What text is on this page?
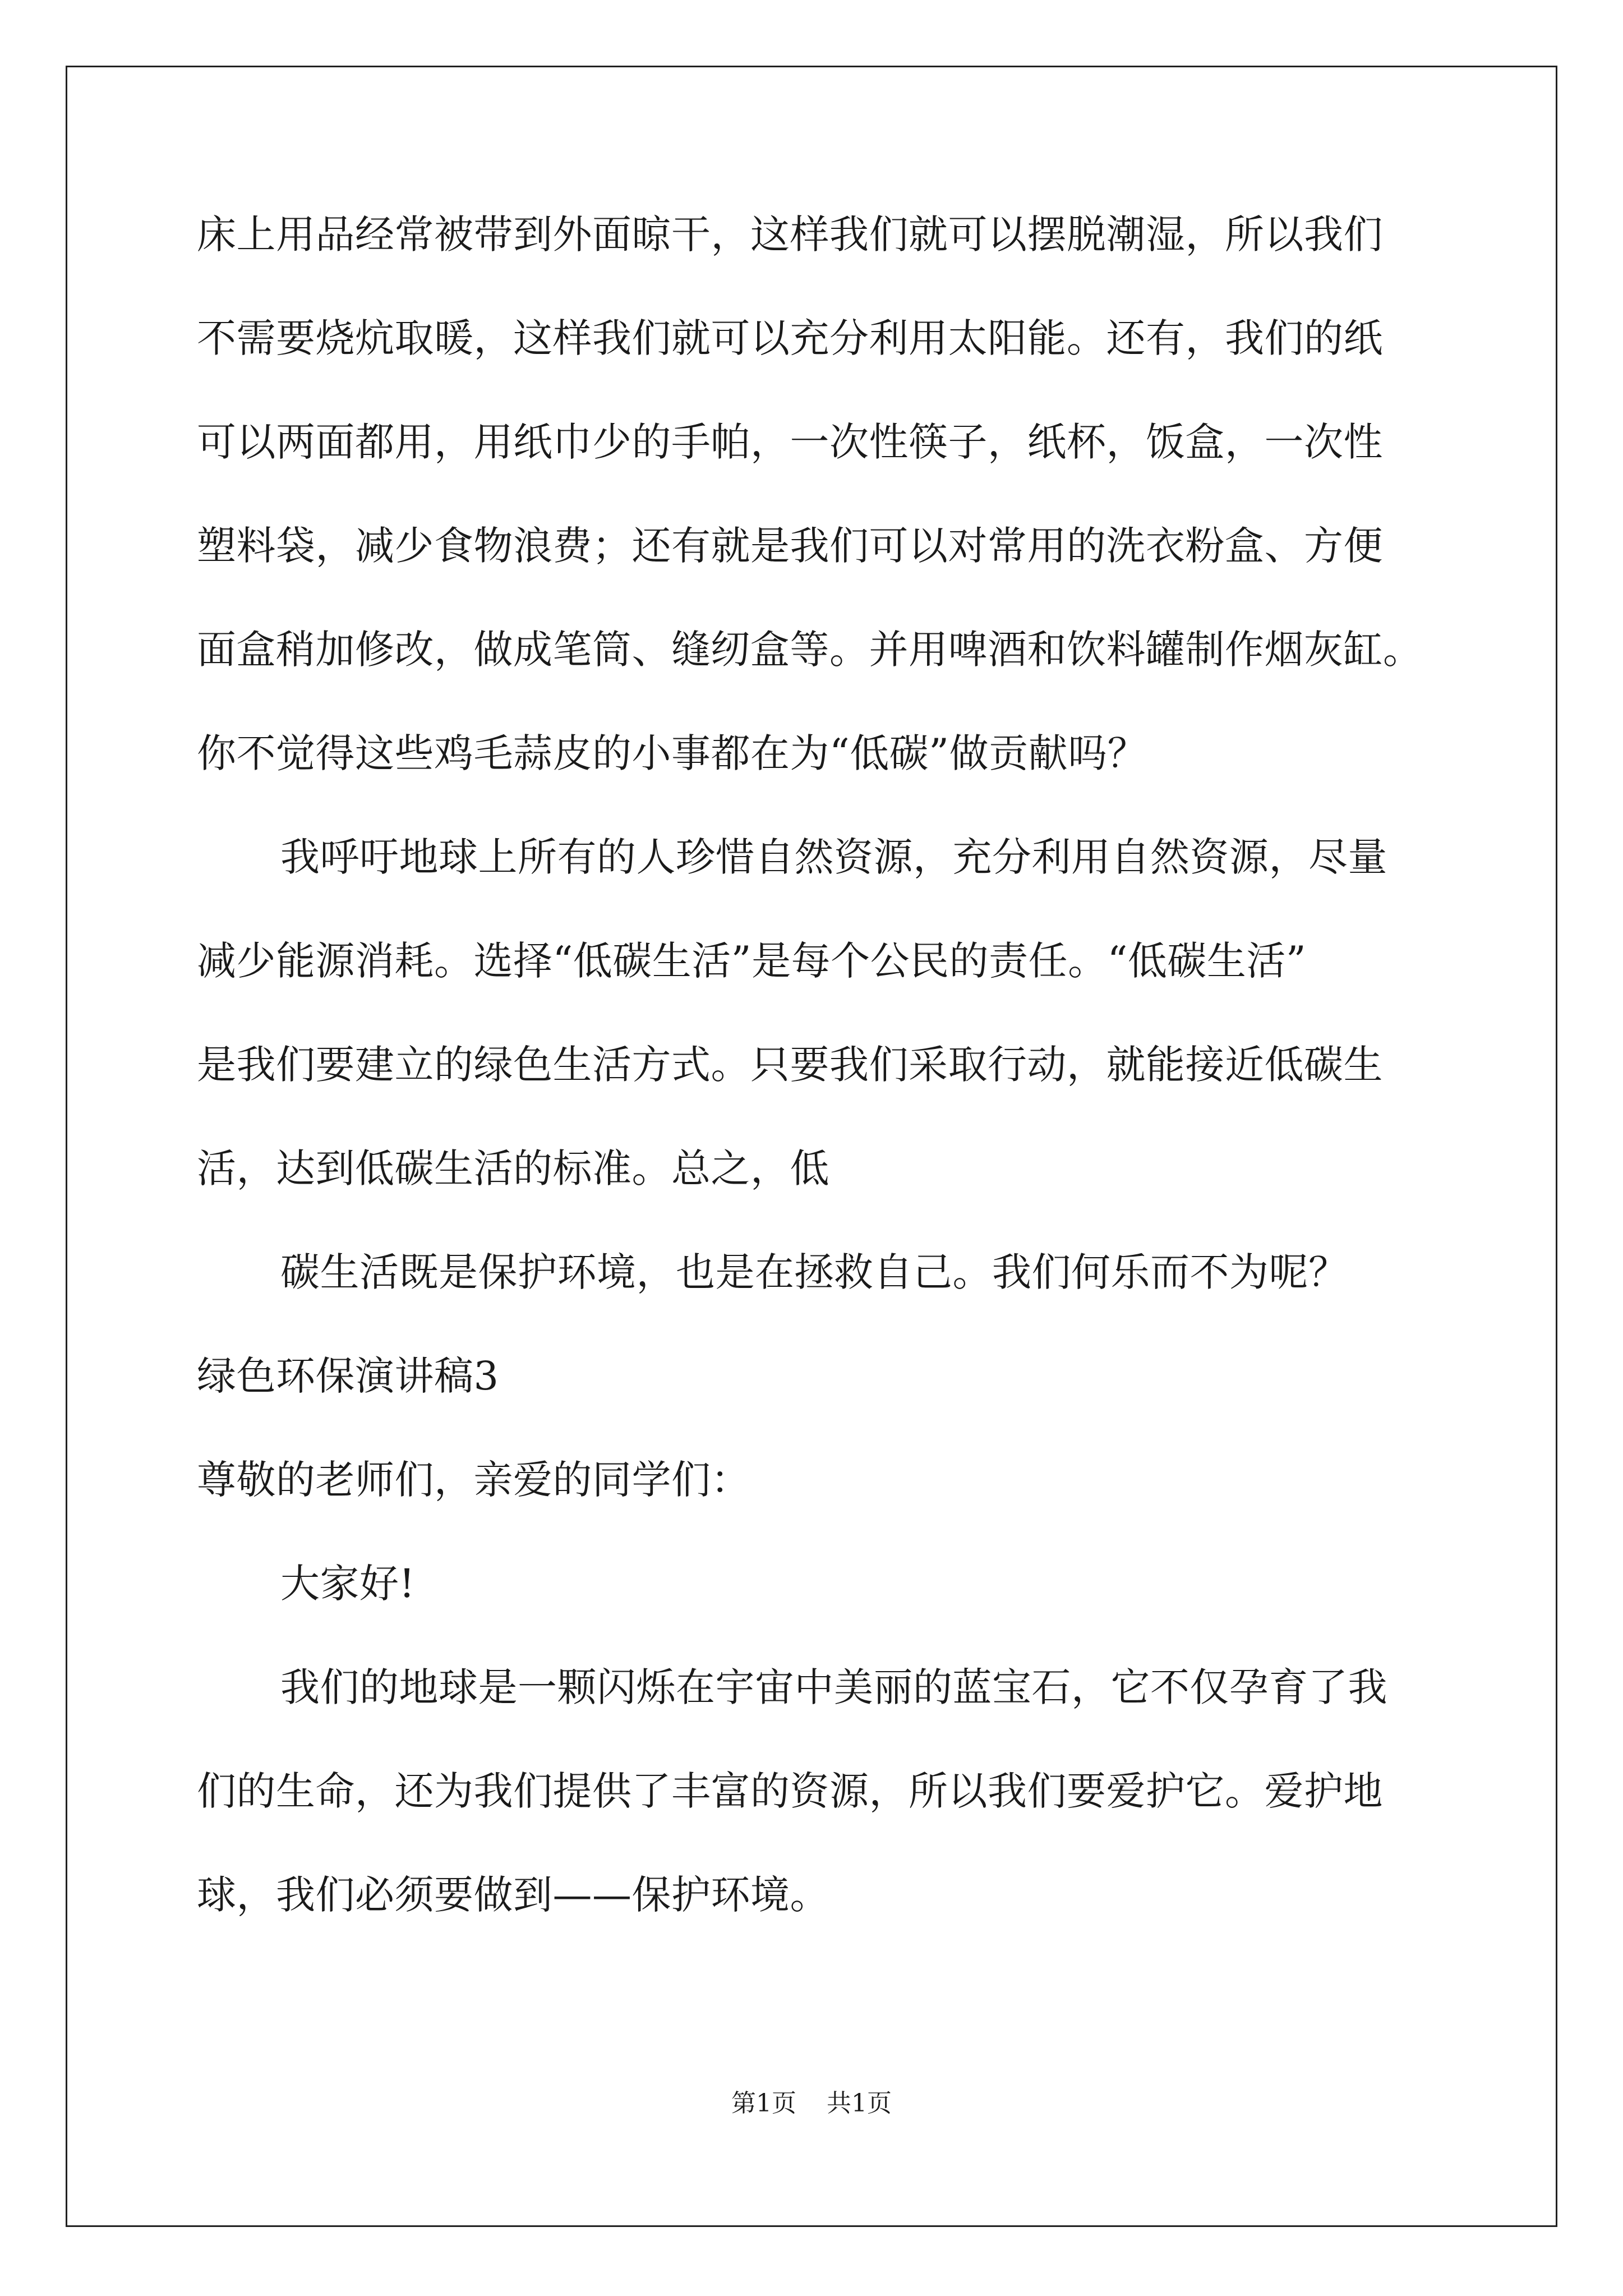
床上用品经常被带到外面晾干，这样我们就可以摆脱潮湿，所以我们
不需要烧炕取暖，这样我们就可以充分利用太阳能。还有，我们的纸
可以两面都用，用纸巾少的手帕，一次性筷子，纸杯，饭盒，一次性
塑料袋，减少食物浪费；还有就是我们可以对常用的洗衣粉盒、方便
面盒稍加修改，做成笔筒、缝纫盒等。并用啤酒和饮料罐制作烟灰缸。
你不觉得这些鸡毛蒜皮的小事都在为“低碳”做贡献吗？
我呼吁地球上所有的人珍惜自然资源，充分利用自然资源，尽量
减少能源消耗。选择“低碳生活”是每个公民的责任。“低碳生活”
是我们要建立的绿色生活方式。只要我们采取行动，就能接近低碳生
活，达到低碳生活的标准。总之，低
碳生活既是保护环境，也是在拯救自己。我们何乐而不为呢？
绿色环保演讲稿3
尊敬的老师们，亲爱的同学们：
大家好!
我们的地球是一颗闪烁在宇宙中美丽的蓝宝石，它不仅孕育了我
们的生命，还为我们提供了丰富的资源，所以我们要爱护它。爱护地
球，我们必须要做到——保护环境。
第1页 共1页
